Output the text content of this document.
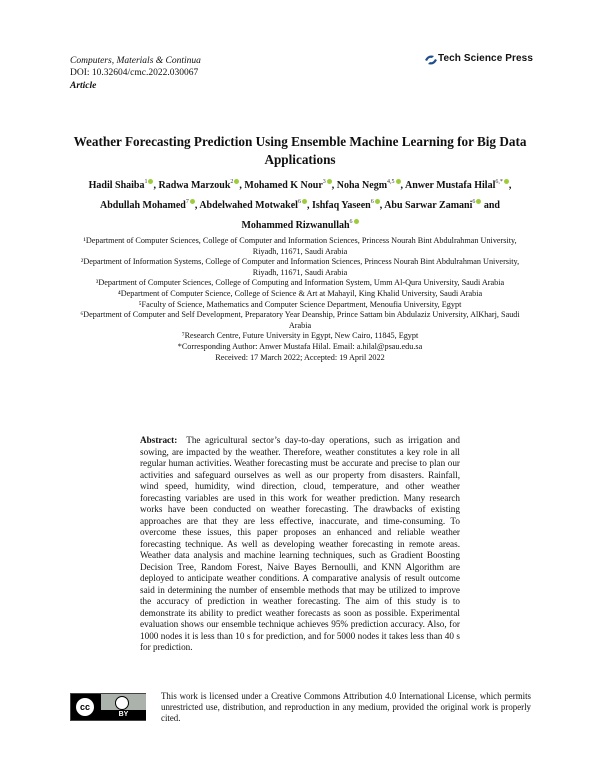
Computers, Materials & Continua
DOI: 10.32604/cmc.2022.030067
Article
Tech Science Press
Weather Forecasting Prediction Using Ensemble Machine Learning for Big Data Applications
Hadil Shaiba$^1$ , Radwa Marzouk$^2$ , Mohamed K Nour$^3$ , Noha Negm$^{4,5}$ , Anwer Mustafa Hilal$^{6,*}$ , Abdullah Mohamed$^7$ , Abdelwahed Motwakel$^6$ , Ishfaq Yaseen$^6$ , Abu Sarwar Zamani$^6$ and
Mohammed Rizwanullah$^6$

¹Department of Computer Sciences, College of Computer and Information Sciences, Princess Nourah Bint Abdulrahman University, Riyadh, 11671, Saudi Arabia

²Department of Information Systems, College of Computer and Information Sciences, Princess Nourah Bint Abdulrahman University, Riyadh, 11671, Saudi Arabia

³Department of Computer Sciences, College of Computing and Information System, Umm Al-Qura University, Saudi Arabia

⁴Department of Computer Science, College of Science & Art at Mahayil, King Khalid University, Saudi Arabia

⁵Faculty of Science, Mathematics and Computer Science Department, Menoufia University, Egypt

⁶Department of Computer and Self Development, Preparatory Year Deanship, Prince Sattam bin Abdulaziz University, AlKharj, Saudi Arabia

⁷Research Centre, Future University in Egypt, New Cairo, 11845, Egypt

*Corresponding Author: Anwer Mustafa Hilal. Email: a.hilal@psau.edu.sa

Received: 17 March 2022; Accepted: 19 April 2022

Abstract: The agricultural sector’s day-to-day operations, such as irrigation and sowing, are impacted by the weather. Therefore, weather constitutes a key role in all regular human activities. Weather forecasting must be accurate and precise to plan our activities and safeguard ourselves as well as our property from disasters. Rainfall, wind speed, humidity, wind direction, cloud, temperature, and other weather forecasting variables are used in this work for weather prediction. Many research works have been conducted on weather forecasting. The drawbacks of existing approaches are that they are less effective, inaccurate, and time-consuming. To overcome these issues, this paper proposes an enhanced and reliable weather forecasting technique. As well as developing weather forecasting in remote areas. Weather data analysis and machine learning techniques, such as Gradient Boosting Decision Tree, Random Forest, Naive Bayes Bernoulli, and KNN Algorithm are deployed to anticipate weather conditions. A comparative analysis of result outcome said in determining the number of ensemble methods that may be utilized to improve the accuracy of prediction in weather forecasting. The aim of this study is to demonstrate its ability to predict weather forecasts as soon as possible. Experimental evaluation shows our ensemble technique achieves 95% prediction accuracy. Also, for 1000 nodes it is less than 10 s for prediction, and for 5000 nodes it takes less than 40 s for prediction.
cc
BY
This work is licensed under a Creative Commons Attribution 4.0 International License, which permits unrestricted use, distribution, and reproduction in any medium, provided the original work is properly cited.
